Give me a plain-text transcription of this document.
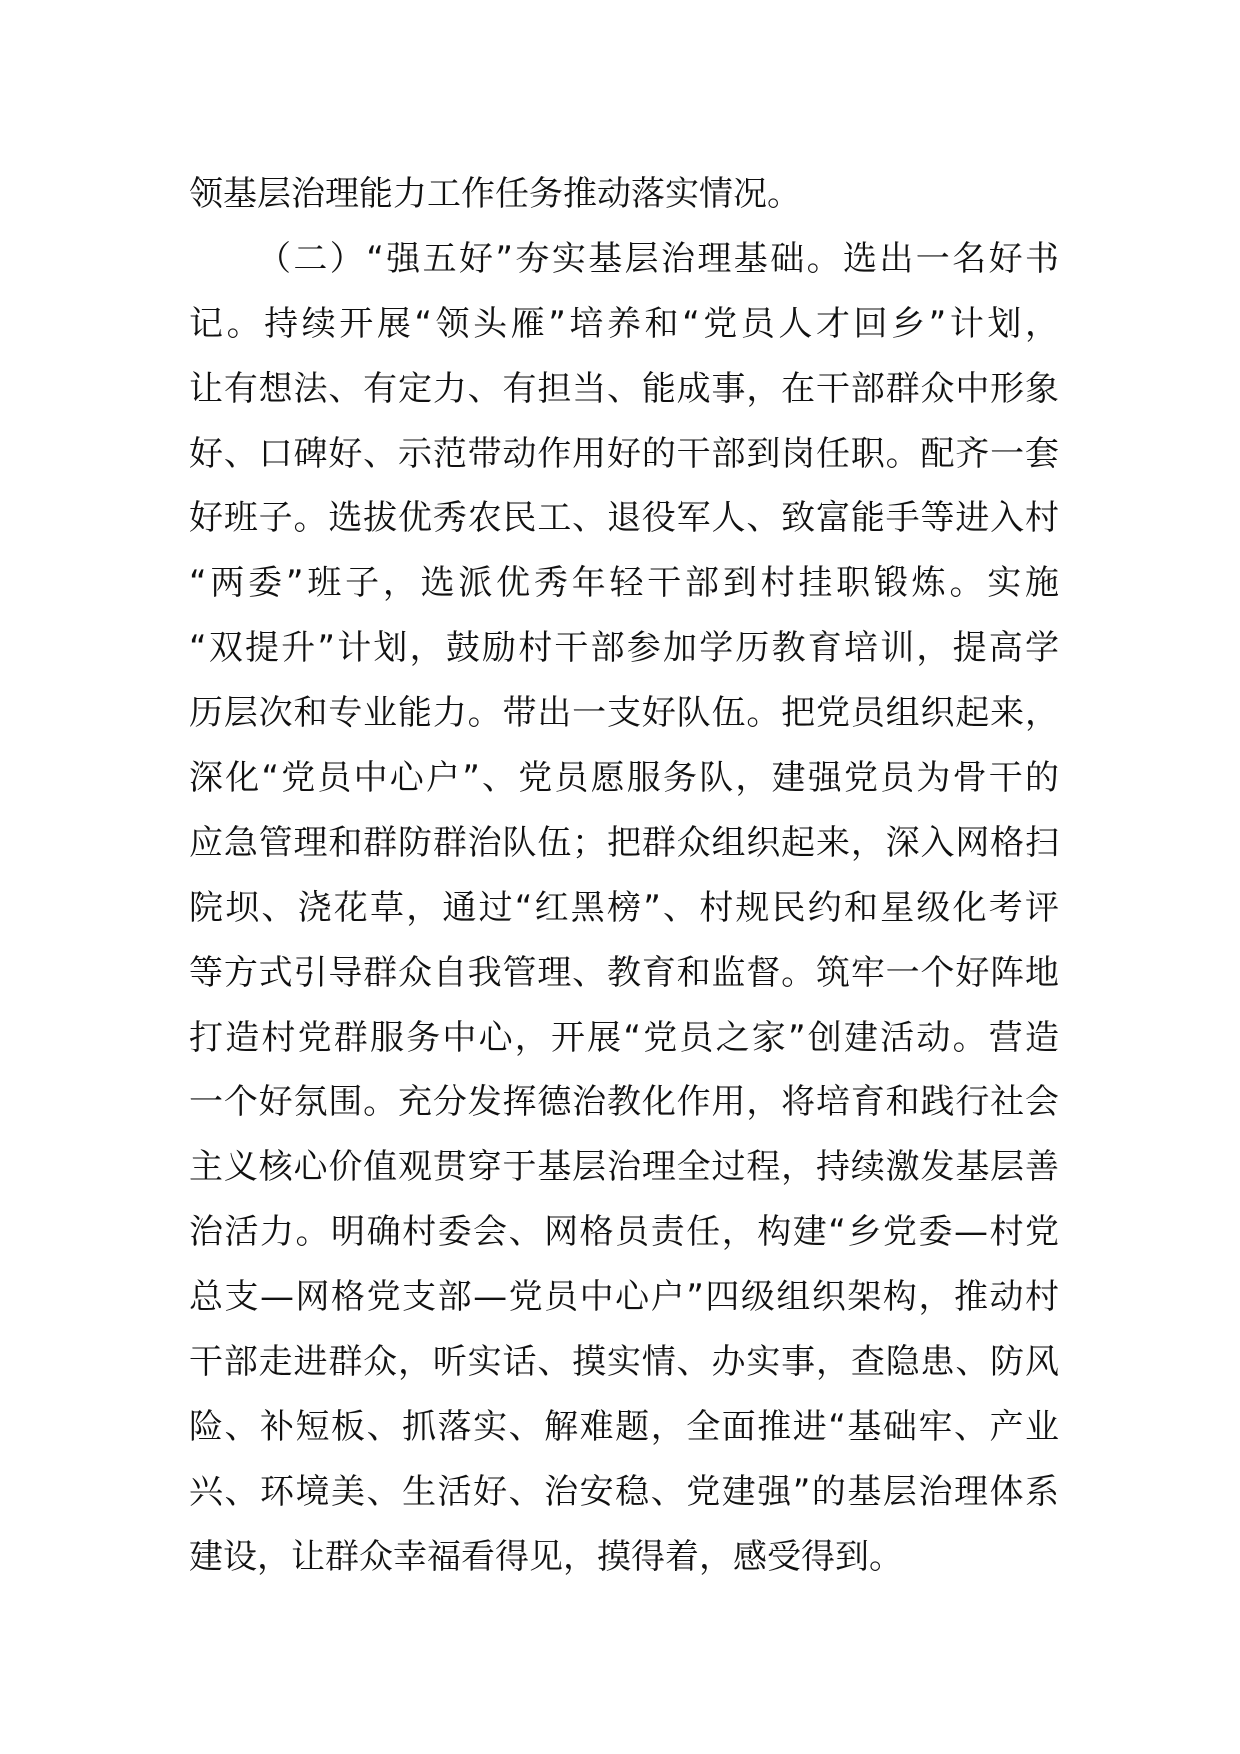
领基层治理能力工作任务推动落实情况。
（二）“强五好”夯实基层治理基础。选出一名好书
记。持续开展“领头雁”培养和“党员人才回乡”计划，
让有想法、有定力、有担当、能成事，在干部群众中形象
好、口碑好、示范带动作用好的干部到岗任职。配齐一套
好班子。选拔优秀农民工、退役军人、致富能手等进入村
“两委”班子，选派优秀年轻干部到村挂职锻炼。实施
“双提升”计划，鼓励村干部参加学历教育培训，提高学
历层次和专业能力。带出一支好队伍。把党员组织起来，
深化“党员中心户”、党员愿服务队，建强党员为骨干的
应急管理和群防群治队伍；把群众组织起来，深入网格扫
院坝、浇花草，通过“红黑榜”、村规民约和星级化考评
等方式引导群众自我管理、教育和监督。筑牢一个好阵地
打造村党群服务中心，开展“党员之家”创建活动。营造
一个好氛围。充分发挥德治教化作用，将培育和践行社会
主义核心价值观贯穿于基层治理全过程，持续激发基层善
治活力。明确村委会、网格员责任，构建“乡党委—村党
总支—网格党支部—党员中心户”四级组织架构，推动村
干部走进群众，听实话、摸实情、办实事，查隐患、防风
险、补短板、抓落实、解难题，全面推进“基础牢、产业
兴、环境美、生活好、治安稳、党建强”的基层治理体系
建设，让群众幸福看得见，摸得着，感受得到。
